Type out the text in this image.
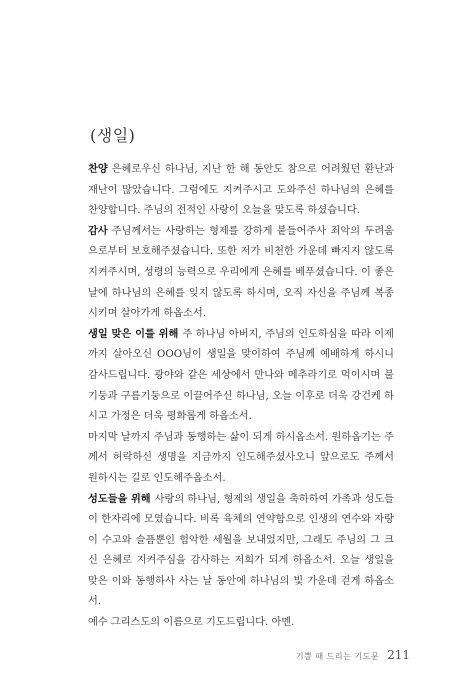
(생일)

찬양 은혜로우신 하나님, 지난 한 해 동안도 참으로 어려웠던 환난과 재난이 많았습니다. 그럼에도 지켜주시고 도와주신 하나님의 은혜를 찬양합니다. 주님의 전적인 사랑이 오늘을 맞도록 하셨습니다.

감사 주님께서는 사랑하는 형제를 강하게 붙들어주사 죄악의 두려움으로부터 보호해주셨습니다. 또한 저가 비천한 가운데 빠지지 않도록 지켜주시며, 성령의 능력으로 우리에게 은혜를 베푸셨습니다. 이 좋은 날에 하나님의 은혜를 잊지 않도록 하시며, 오직 자신을 주님께 복종시키며 살아가게 하옵소서.

생일 맞은 이를 위해 주 하나님 아버지, 주님의 인도하심을 따라 이제까지 살아오신 OOO님이 생일을 맞이하여 주님께 예배하게 하시니 감사드립니다. 광야와 같은 세상에서 만나와 메추라기로 먹이시며 불기둥과 구름기둥으로 이끌어주신 하나님, 오늘 이후로 더욱 강건케 하시고 가정은 더욱 평화롭게 하옵소서.

마지막 날까지 주님과 동행하는 삶이 되게 하시옵소서. 원하옵기는 주께서 허락하신 생명을 지금까지 인도해주셨사오니 앞으로도 주께서 원하시는 길로 인도해주옵소서.

성도들을 위해 사랑의 하나님, 형제의 생일을 축하하여 가족과 성도들이 한자리에 모였습니다. 비록 육체의 연약함으로 인생의 연수와 자랑이 수고와 슬픔뿐인 험악한 세월을 보내었지만, 그래도 주님의 그 크신 은혜로 지켜주심을 감사하는 저희가 되게 하옵소서. 오늘 생일을 맞은 이와 동행하사 사는 날 동안에 하나님의 빛 가운데 걷게 하옵소서.

예수 그리스도의 이름으로 기도드립니다. 아멘.

기쁠 때 드리는 기도문 211
